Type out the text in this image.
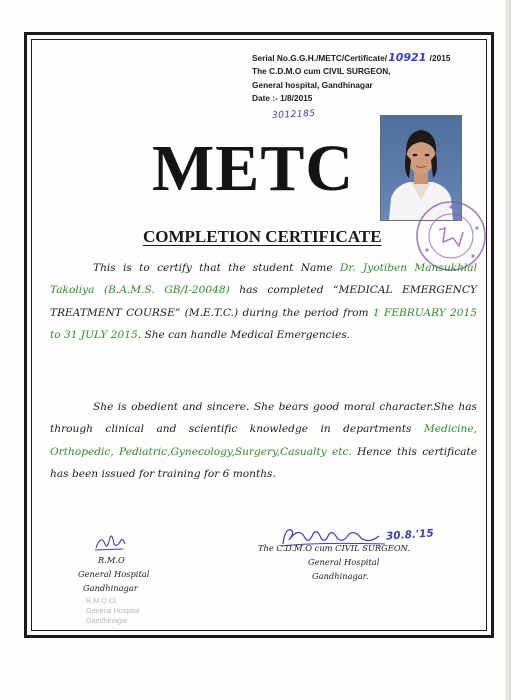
Serial No.G.G.H./METC/Certificate/10921 /2015
The C.D.M.O cum CIVIL SURGEON,
General hospital, Gandhinagar
Date :- 1/8/2015
3012185
METC
COMPLETION CERTIFICATE
This is to certify that the student Name Dr. Jyotiben Mansukhlal Takoliya (B.A.M.S. GB/I-20048) has completed “MEDICAL EMERGENCY TREATMENT COURSE” (M.E.T.C.) during the period from 1 FEBRUARY 2015 to 31 JULY 2015. She can handle Medical Emergencies.
She is obedient and sincere. She bears good moral character.She has through clinical and scientific knowledge in departments Medicine, Orthopedic, Pediatric,Gynecology,Surgery,Casualty etc. Hence this certificate has been issued for training for 6 months.
R.M.O
General Hospital
Gandhinagar
R.M.O Cl.
General Hospital
Gandhinagar
30.8.'15
The C.D.M.O cum CIVIL SURGEON.
General Hospital
Gandhinagar.
